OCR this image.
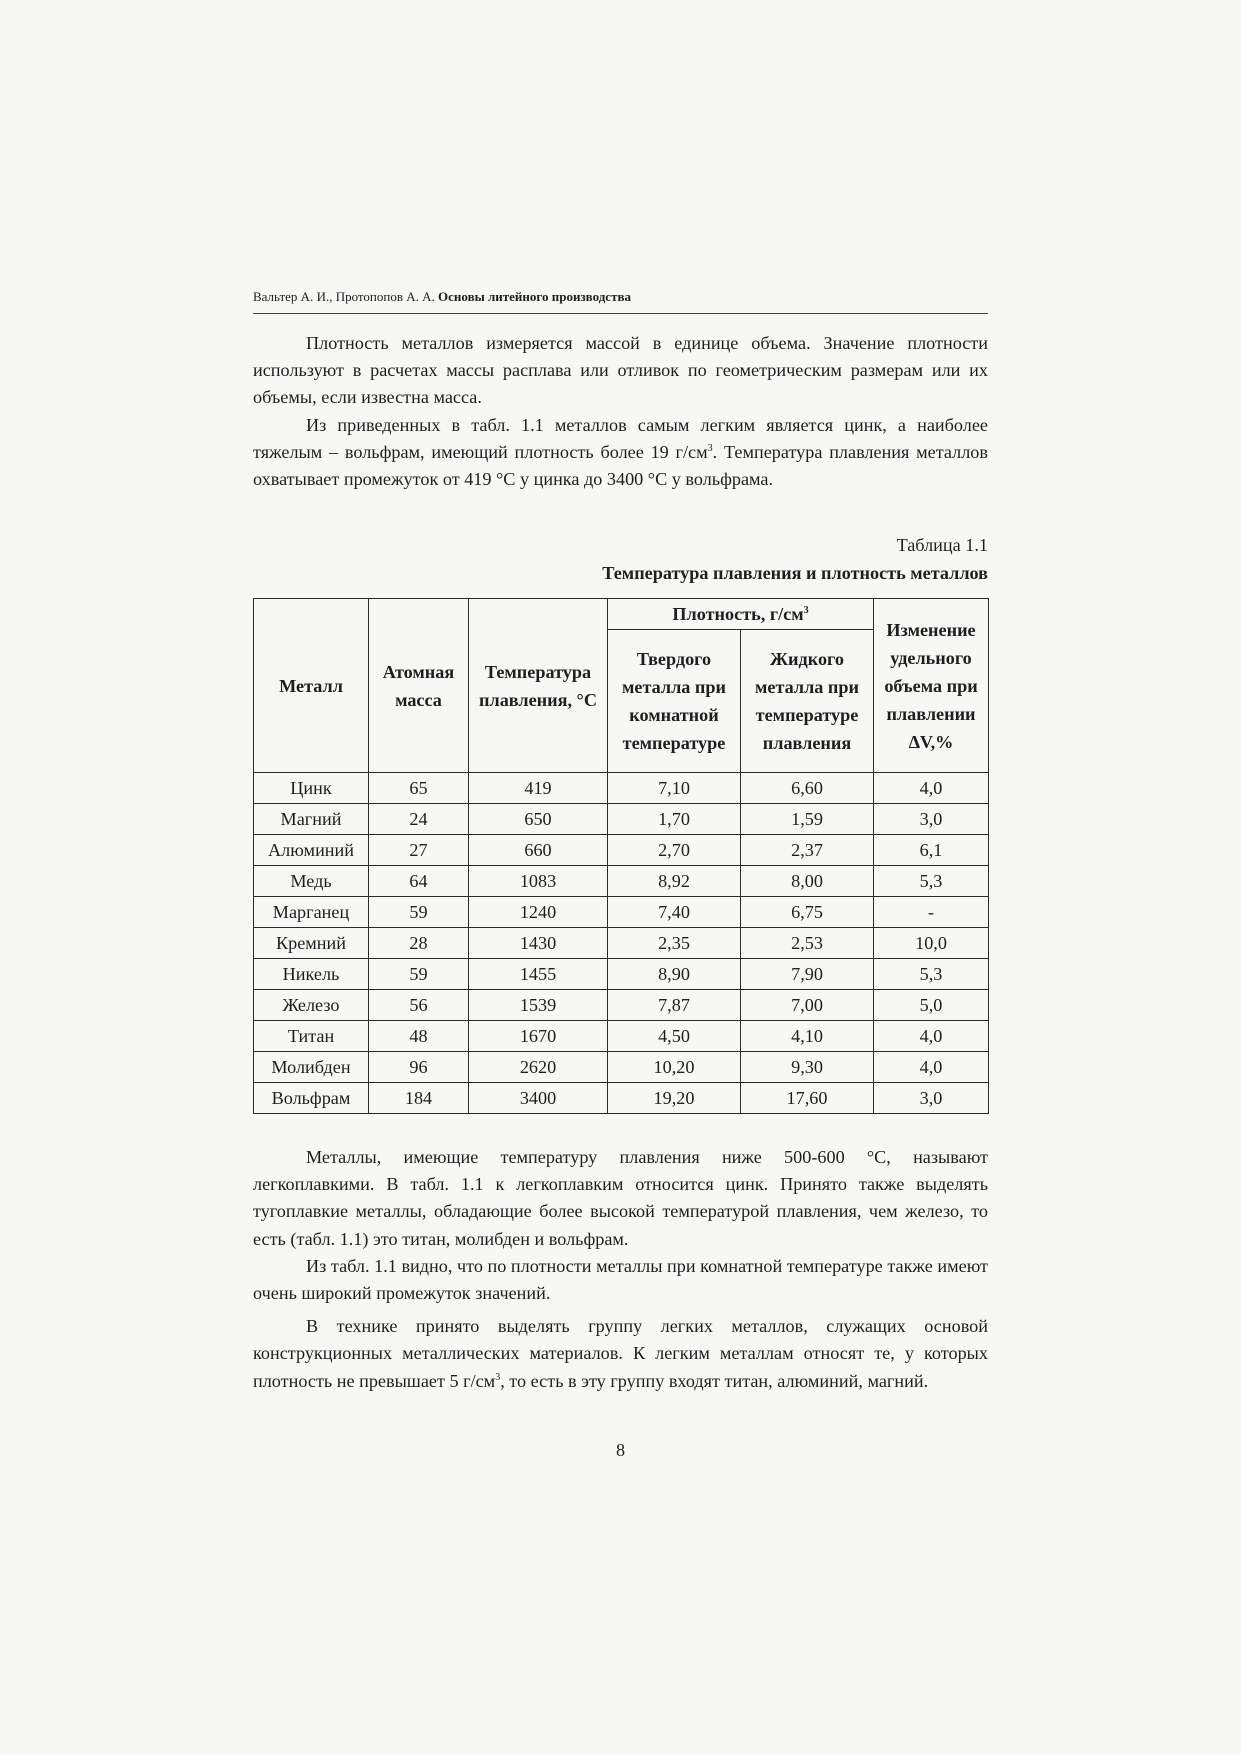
Вальтер А. И., Протопопов А. А. Основы литейного производства

Плотность металлов измеряется массой в единице объема. Значение плотности используют в расчетах массы расплава или отливок по геометрическим размерам или их объемы, если известна масса.

Из приведенных в табл. 1.1 металлов самым легким является цинк, а наиболее тяжелым – вольфрам, имеющий плотность более 19 $г/см^3$. Температура плавления металлов охватывает промежуток от 419 °С у цинка до 3400 °С у вольфрама.

Таблица 1.1
Температура плавления и плотность металлов
Металл	Атомная масса	Температура плавления, °С	Плотность, $г/см^3$		Изменение удельного объема при плавлении ∆V,%
			Твердого металла при комнатной температуре	Жидкого металла при температуре плавления	
Цинк	65	419	7,10	6,60	4,0
Магний	24	650	1,70	1,59	3,0
Алюминий	27	660	2,70	2,37	6,1
Медь	64	1083	8,92	8,00	5,3
Марганец	59	1240	7,40	6,75	-
Кремний	28	1430	2,35	2,53	10,0
Никель	59	1455	8,90	7,90	5,3
Железо	56	1539	7,87	7,00	5,0
Титан	48	1670	4,50	4,10	4,0
Молибден	96	2620	10,20	9,30	4,0
Вольфрам	184	3400	19,20	17,60	3,0

Металлы, имеющие температуру плавления ниже 500-600 °С, называют легкоплавкими. В табл. 1.1 к легкоплавким относится цинк. Принято также выделять тугоплавкие металлы, обладающие более высокой температурой плавления, чем железо, то есть (табл. 1.1) это титан, молибден и вольфрам.

Из табл. 1.1 видно, что по плотности металлы при комнатной температуре также имеют очень широкий промежуток значений.

В технике принято выделять группу легких металлов, служащих основой конструкционных металлических материалов. К легким металлам относят те, у которых плотность не превышает 5 $г/см^3$, то есть в эту группу входят титан, алюминий, магний.

8
